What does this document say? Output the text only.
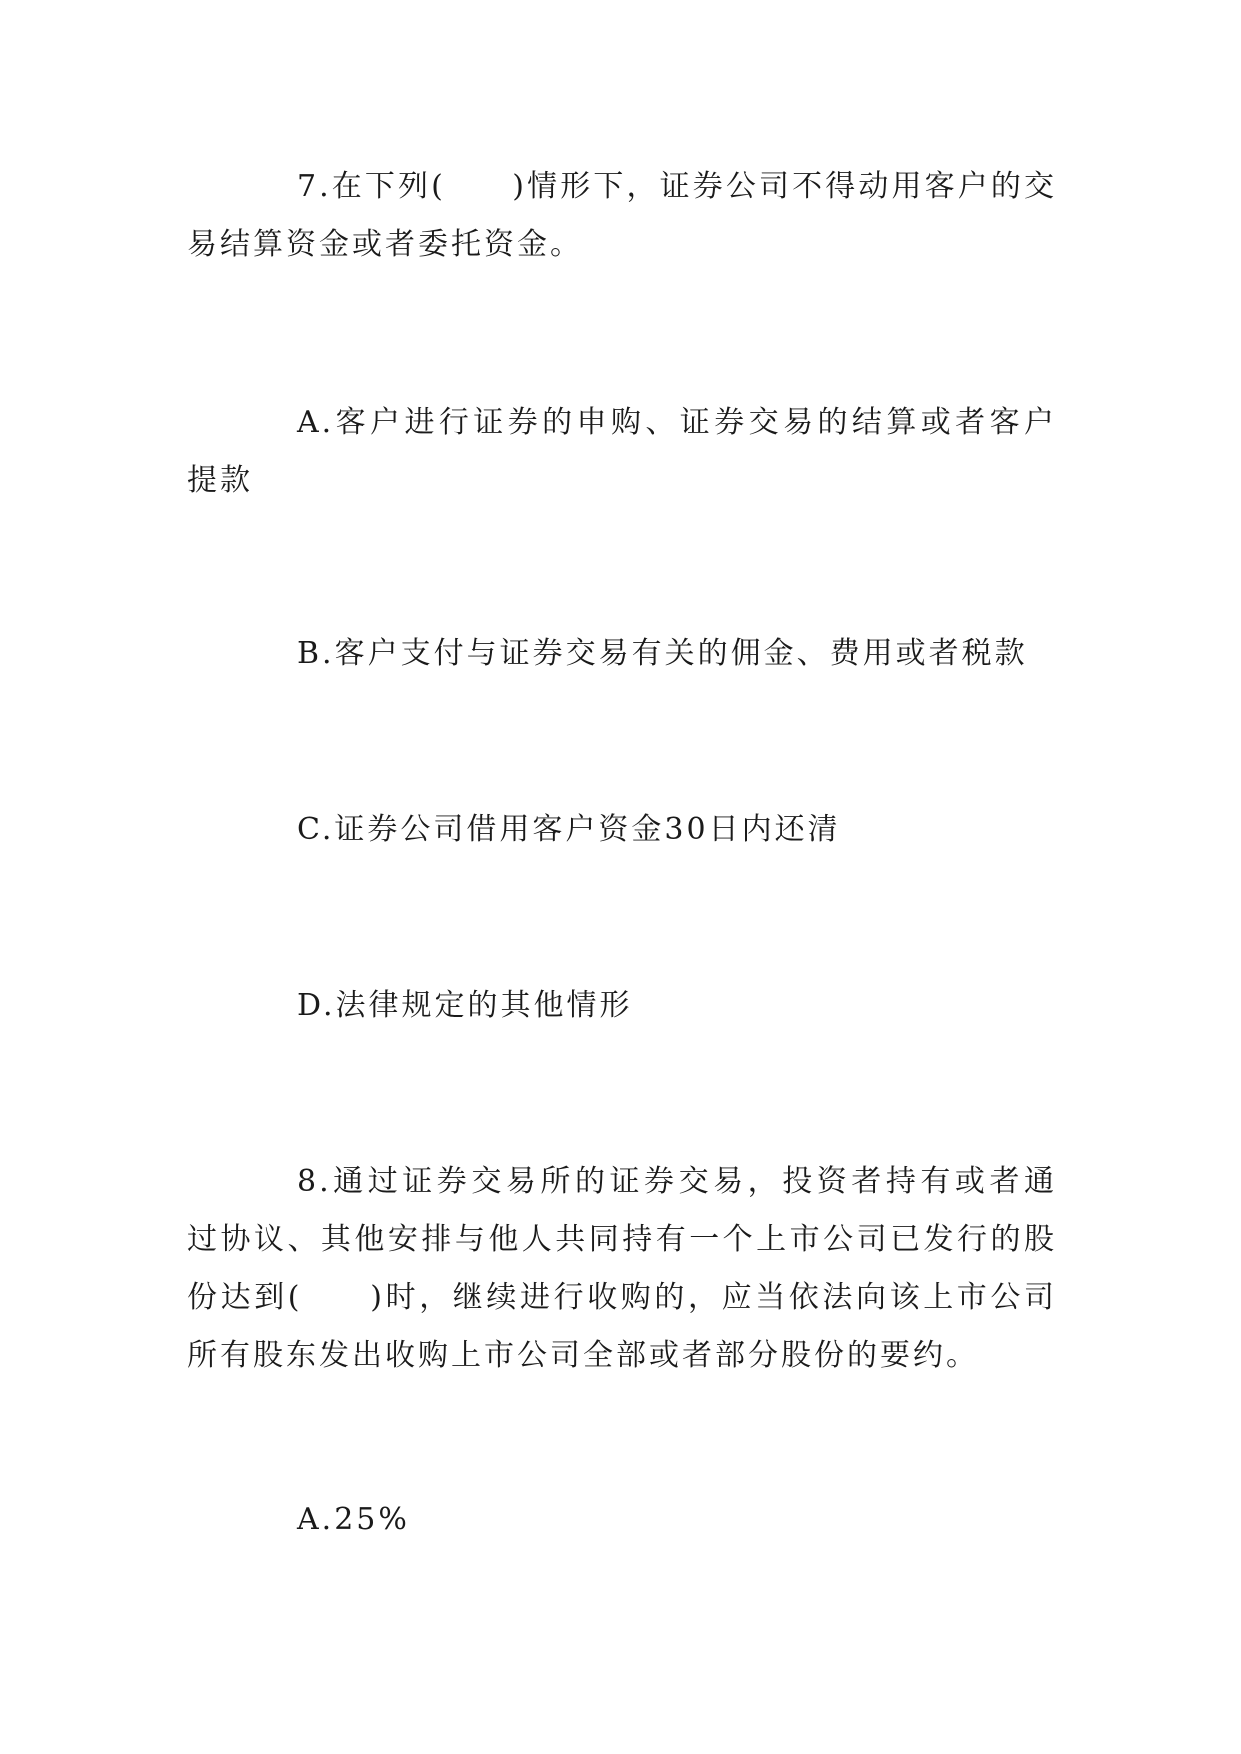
7.在下列(　　)情形下，证券公司不得动用客户的交易结算资金或者委托资金。

A.客户进行证券的申购、证券交易的结算或者客户提款

B.客户支付与证券交易有关的佣金、费用或者税款

C.证券公司借用客户资金30日内还清

D.法律规定的其他情形

8.通过证券交易所的证券交易，投资者持有或者通过协议、其他安排与他人共同持有一个上市公司已发行的股份达到(　　)时，继续进行收购的，应当依法向该上市公司所有股东发出收购上市公司全部或者部分股份的要约。

A.25%
